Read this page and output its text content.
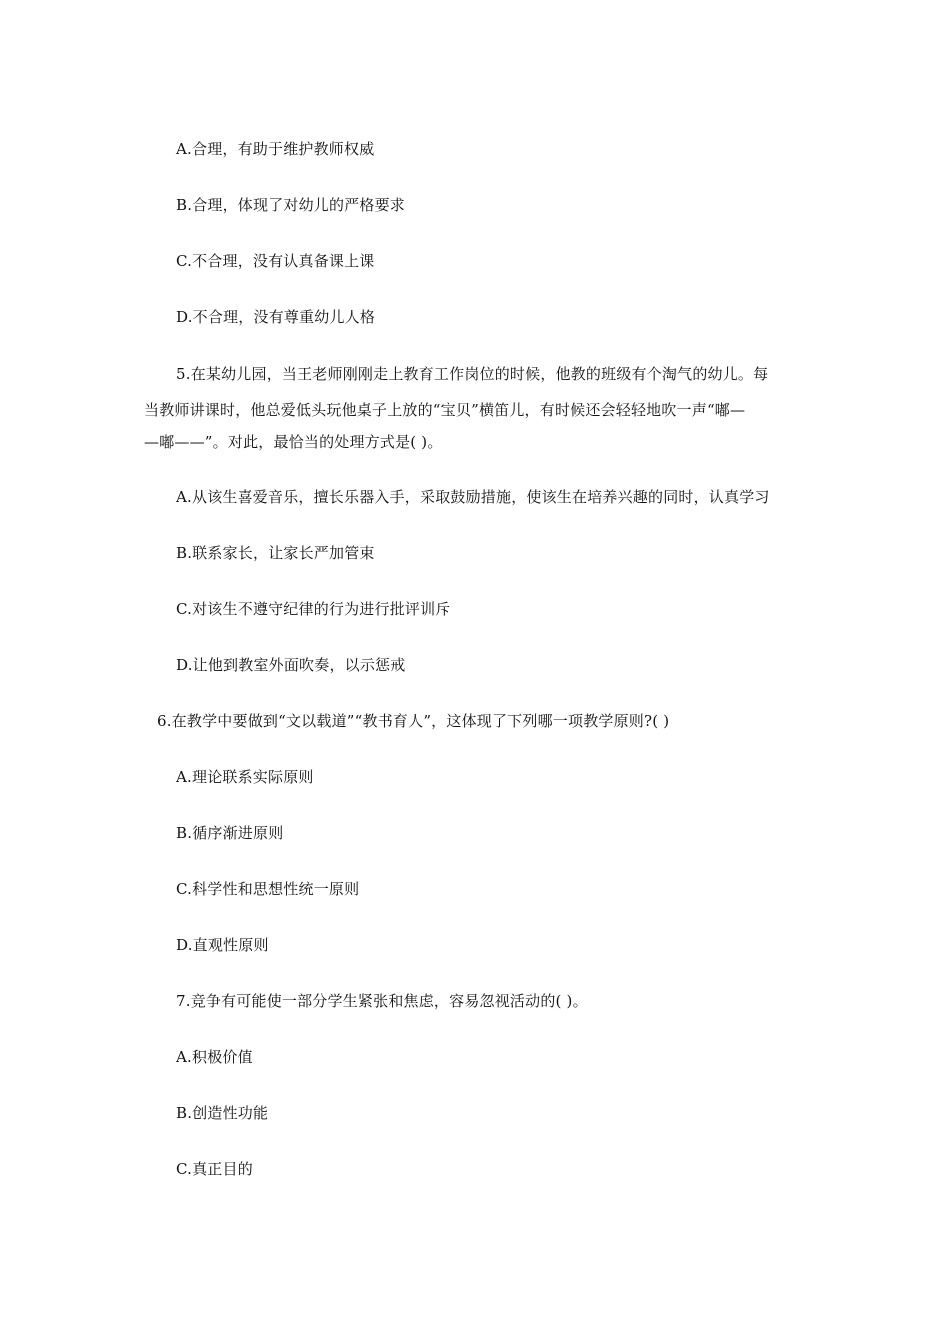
A.合理，有助于维护教师权威
B.合理，体现了对幼儿的严格要求
C.不合理，没有认真备课上课
D.不合理，没有尊重幼儿人格
5.在某幼儿园，当王老师刚刚走上教育工作岗位的时候，他教的班级有个淘气的幼儿。每
当教师讲课时，他总爱低头玩他桌子上放的“宝贝”横笛儿，有时候还会轻轻地吹一声“嘟—
—嘟——”。对此，最恰当的处理方式是( )。
A.从该生喜爱音乐，擅长乐器入手，采取鼓励措施，使该生在培养兴趣的同时，认真学习
B.联系家长，让家长严加管束
C.对该生不遵守纪律的行为进行批评训斥
D.让他到教室外面吹奏，以示惩戒
6.在教学中要做到“文以载道”“教书育人”，这体现了下列哪一项教学原则?( )
A.理论联系实际原则
B.循序渐进原则
C.科学性和思想性统一原则
D.直观性原则
7.竞争有可能使一部分学生紧张和焦虑，容易忽视活动的( )。
A.积极价值
B.创造性功能
C.真正目的
